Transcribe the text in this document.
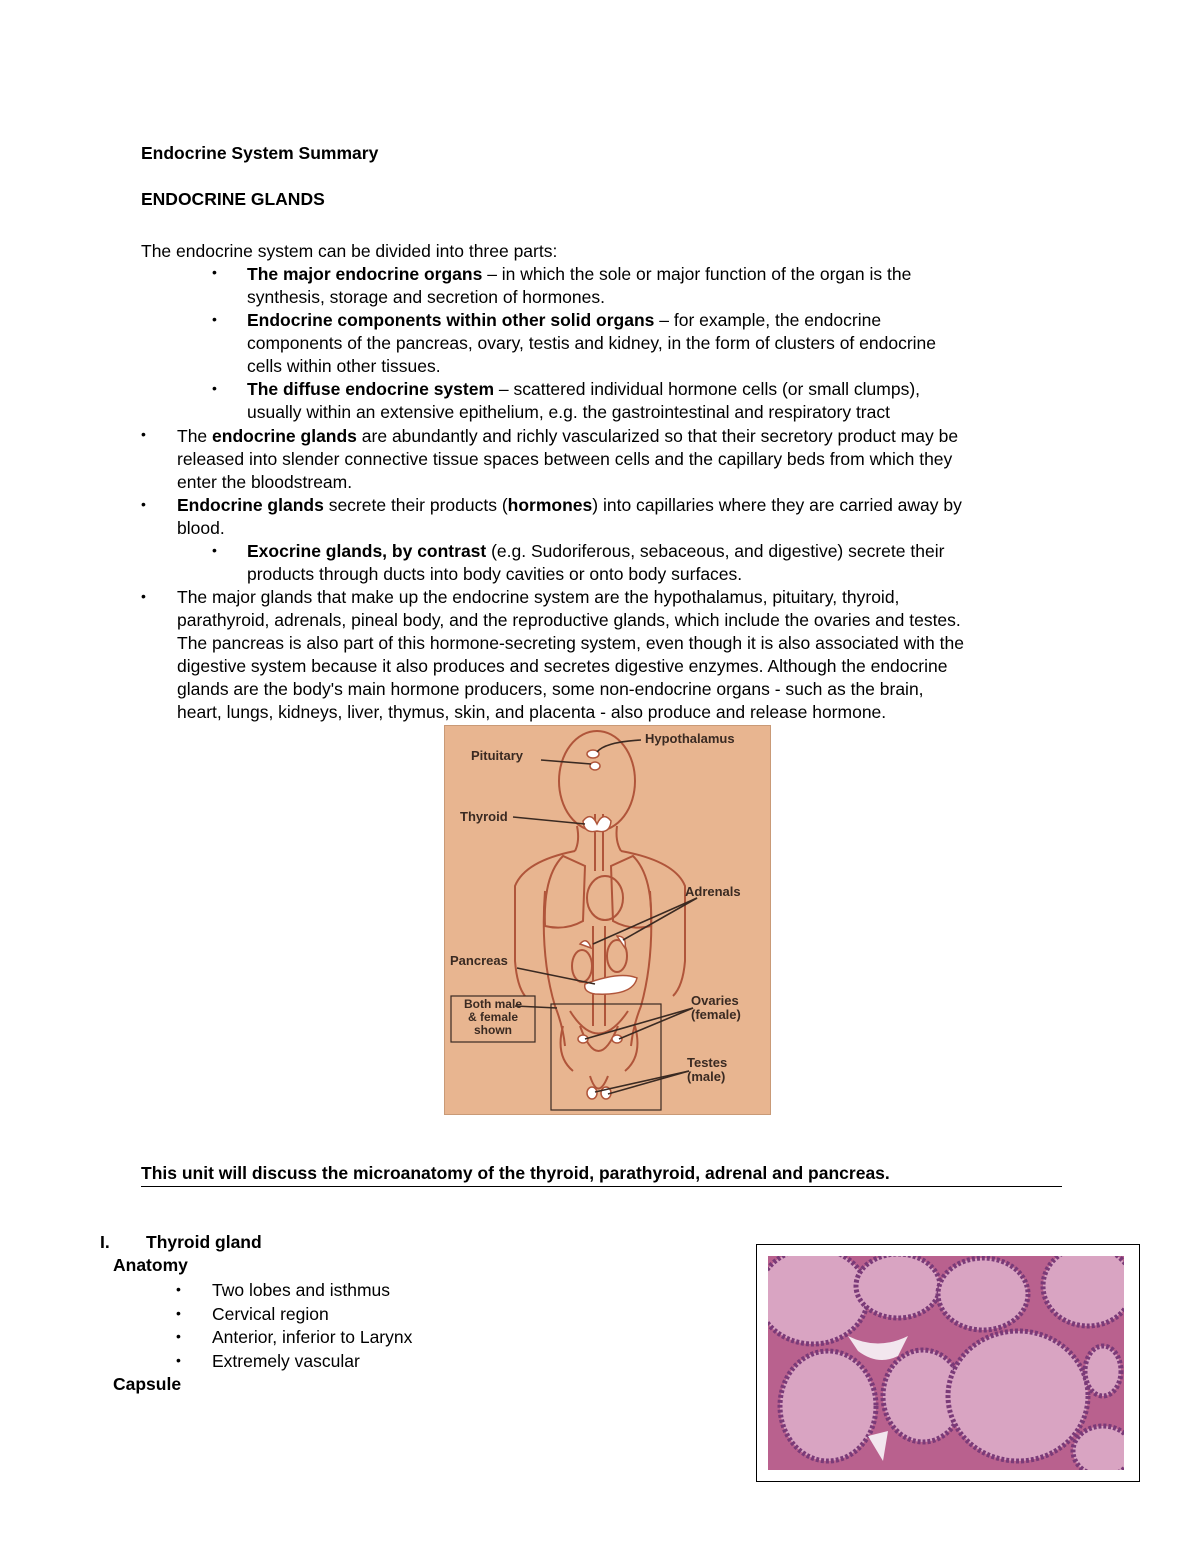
Endocrine System Summary
ENDOCRINE GLANDS
The endocrine system can be divided into three parts:
• The major endocrine organs – in which the sole or major function of the organ is the
synthesis, storage and secretion of hormones.
• Endocrine components within other solid organs – for example, the endocrine
components of the pancreas, ovary, testis and kidney, in the form of clusters of endocrine
cells within other tissues.
• The diffuse endocrine system – scattered individual hormone cells (or small clumps),
usually within an extensive epithelium, e.g. the gastrointestinal and respiratory tract
• The endocrine glands are abundantly and richly vascularized so that their secretory product may be
released into slender connective tissue spaces between cells and the capillary beds from which they
enter the bloodstream.
• Endocrine glands secrete their products (hormones) into capillaries where they are carried away by
blood.
• Exocrine glands, by contrast (e.g. Sudoriferous, sebaceous, and digestive) secrete their
products through ducts into body cavities or onto body surfaces.
• The major glands that make up the endocrine system are the hypothalamus, pituitary, thyroid,
parathyroid, adrenals, pineal body, and the reproductive glands, which include the ovaries and testes.
The pancreas is also part of this hormone-secreting system, even though it is also associated with the
digestive system because it also produces and secretes digestive enzymes. Although the endocrine
glands are the body's main hormone producers, some non-endocrine organs - such as the brain,
heart, lungs, kidneys, liver, thymus, skin, and placenta - also produce and release hormone.
Hypothalamus
Pituitary
Thyroid
Adrenals
Pancreas
Both male
& female
shown
Ovaries
(female)
Testes
(male)
This unit will discuss the microanatomy of the thyroid, parathyroid, adrenal and pancreas.
I. Thyroid gland
Anatomy
• Two lobes and isthmus
• Cervical region
• Anterior, inferior to Larynx
• Extremely vascular
Capsule
